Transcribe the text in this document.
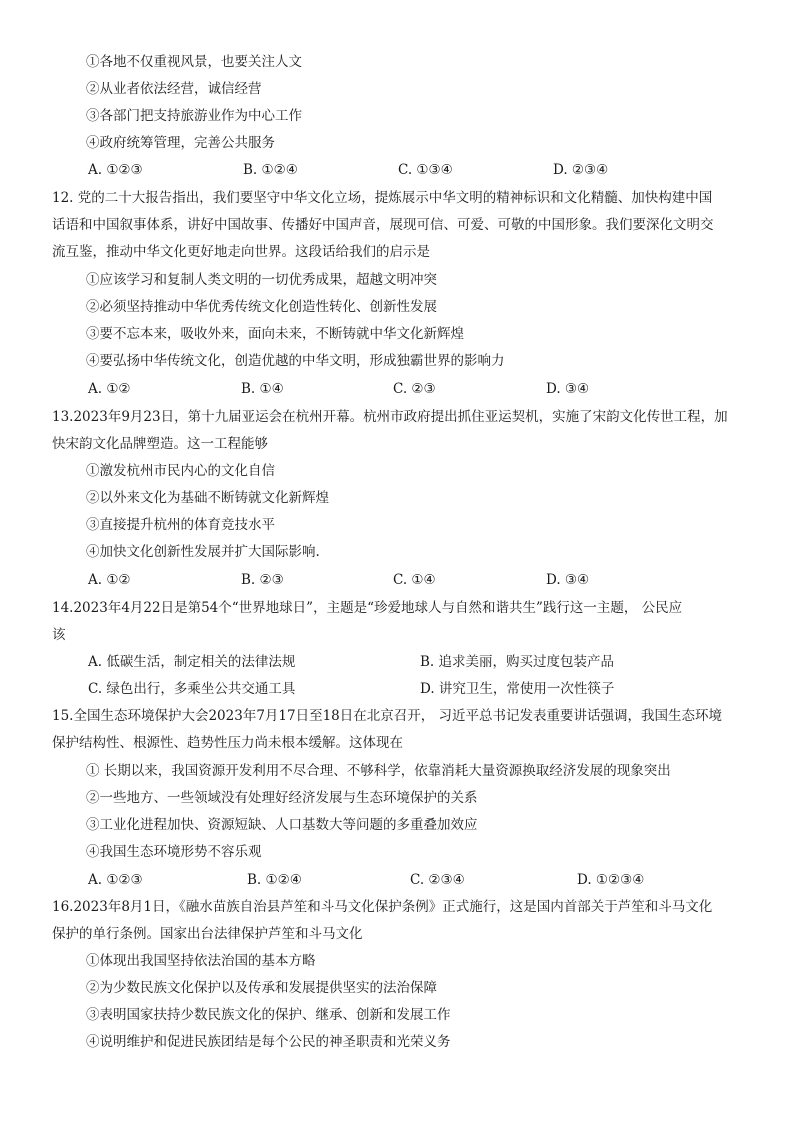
①各地不仅重视风景，也要关注人文
②从业者依法经营，诚信经营
③各部门把支持旅游业作为中心工作
④政府统筹管理，完善公共服务
A. ①②③	B. ①②④	C. ①③④	D. ②③④
12. 党的二十大报告指出，我们要坚守中华文化立场，提炼展示中华文明的精神标识和文化精髓、加快构建中国
话语和中国叙事体系，讲好中国故事、传播好中国声音，展现可信、可爱、可敬的中国形象。我们要深化文明交
流互鉴，推动中华文化更好地走向世界。这段话给我们的启示是
①应该学习和复制人类文明的一切优秀成果，超越文明冲突
②必须坚持推动中华优秀传统文化创造性转化、创新性发展
③要不忘本来，吸收外来，面向未来，不断铸就中华文化新辉煌
④要弘扬中华传统文化，创造优越的中华文明，形成独霸世界的影响力
A. ①②	B. ①④	C. ②③	D. ③④
13.2023年9月23日，第十九届亚运会在杭州开幕。杭州市政府提出抓住亚运契机，实施了宋韵文化传世工程，加
快宋韵文化品牌塑造。这一工程能够
①激发杭州市民内心的文化自信
②以外来文化为基础不断铸就文化新辉煌
③直接提升杭州的体育竞技水平
④加快文化创新性发展并扩大国际影响.
A. ①②	B. ②③	C. ①④	D. ③④
14.2023年4月22日是第54个“世界地球日”，主题是“珍爱地球人与自然和谐共生”践行这一主题， 公民应
该
A. 低碳生活，制定相关的法律法规	B. 追求美丽，购买过度包装产品
C. 绿色出行，多乘坐公共交通工具	D. 讲究卫生，常使用一次性筷子
15.全国生态环境保护大会2023年7月17日至18日在北京召开， 习近平总书记发表重要讲话强调，我国生态环境
保护结构性、根源性、趋势性压力尚未根本缓解。这体现在
① 长期以来，我国资源开发利用不尽合理、不够科学，依靠消耗大量资源换取经济发展的现象突出
②一些地方、一些领域没有处理好经济发展与生态环境保护的关系
③工业化进程加快、资源短缺、人口基数大等问题的多重叠加效应
④我国生态环境形势不容乐观
A. ①②③	B. ①②④	C. ②③④	D. ①②③④
16.2023年8月1日，《融水苗族自治县芦笙和斗马文化保护条例》正式施行，这是国内首部关于芦笙和斗马文化
保护的单行条例。国家出台法律保护芦笙和斗马文化
①体现出我国坚持依法治国的基本方略
②为少数民族文化保护以及传承和发展提供坚实的法治保障
③表明国家扶持少数民族文化的保护、继承、创新和发展工作
④说明维护和促进民族团结是每个公民的神圣职责和光荣义务
